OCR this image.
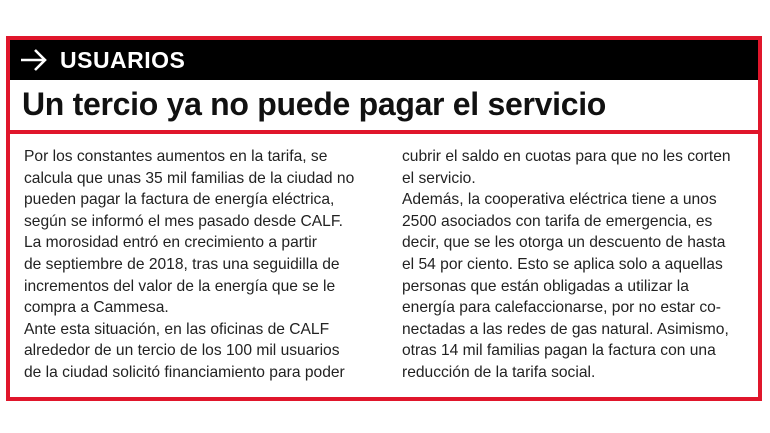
USUARIOS
Un tercio ya no puede pagar el servicio
Por los constantes aumentos en la tarifa, se
calcula que unas 35 mil familias de la ciudad no
pueden pagar la factura de energía eléctrica,
según se informó el mes pasado desde CALF.
La morosidad entró en crecimiento a partir
de septiembre de 2018, tras una seguidilla de
incrementos del valor de la energía que se le
compra a Cammesa.
Ante esta situación, en las oficinas de CALF
alrededor de un tercio de los 100 mil usuarios
de la ciudad solicitó financiamiento para poder
cubrir el saldo en cuotas para que no les corten
el servicio.
Además, la cooperativa eléctrica tiene a unos
2500 asociados con tarifa de emergencia, es
decir, que se les otorga un descuento de hasta
el 54 por ciento. Esto se aplica solo a aquellas
personas que están obligadas a utilizar la
energía para calefaccionarse, por no estar co-
nectadas a las redes de gas natural. Asimismo,
otras 14 mil familias pagan la factura con una
reducción de la tarifa social.
